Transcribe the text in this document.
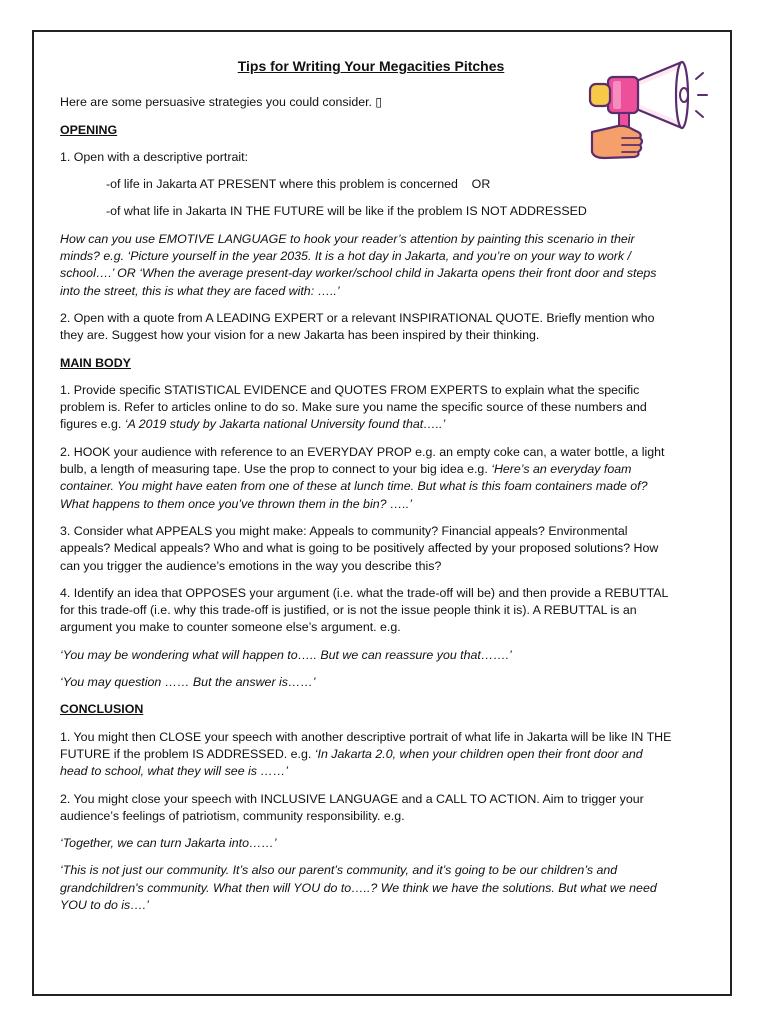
Tips for Writing Your Megacities Pitches

Here are some persuasive strategies you could consider. ▯

OPENING

1. Open with a descriptive portrait:

-of life in Jakarta AT PRESENT where this problem is concerned    OR

-of what life in Jakarta IN THE FUTURE will be like if the problem IS NOT ADDRESSED

How can you use EMOTIVE LANGUAGE to hook your reader’s attention by painting this scenario in their minds? e.g. ‘Picture yourself in the year 2035. It is a hot day in Jakarta, and you’re on your way to work / school….’ OR ‘When the average present-day worker/school child in Jakarta opens their front door and steps into the street, this is what they are faced with: …..’

2. Open with a quote from A LEADING EXPERT or a relevant INSPIRATIONAL QUOTE. Briefly mention who they are. Suggest how your vision for a new Jakarta has been inspired by their thinking.

MAIN BODY

1. Provide specific STATISTICAL EVIDENCE and QUOTES FROM EXPERTS to explain what the specific problem is. Refer to articles online to do so. Make sure you name the specific source of these numbers and figures e.g. ‘A 2019 study by Jakarta national University found that…..’

2. HOOK your audience with reference to an EVERYDAY PROP e.g. an empty coke can, a water bottle, a light bulb, a length of measuring tape. Use the prop to connect to your big idea e.g. ‘Here’s an everyday foam container. You might have eaten from one of these at lunch time. But what is this foam containers made of? What happens to them once you’ve thrown them in the bin? …..’

3. Consider what APPEALS you might make: Appeals to community? Financial appeals? Environmental appeals? Medical appeals? Who and what is going to be positively affected by your proposed solutions? How can you trigger the audience’s emotions in the way you describe this?

4. Identify an idea that OPPOSES your argument (i.e. what the trade-off will be) and then provide a REBUTTAL for this trade-off (i.e. why this trade-off is justified, or is not the issue people think it is). A REBUTTAL is an argument you make to counter someone else’s argument. e.g.

‘You may be wondering what will happen to….. But we can reassure you that…….’

‘You may question …… But the answer is……’

CONCLUSION

1. You might then CLOSE your speech with another descriptive portrait of what life in Jakarta will be like IN THE FUTURE if the problem IS ADDRESSED. e.g. ‘In Jakarta 2.0, when your children open their front door and head to school, what they will see is ……’

2. You might close your speech with INCLUSIVE LANGUAGE and a CALL TO ACTION. Aim to trigger your audience’s feelings of patriotism, community responsibility. e.g.

‘Together, we can turn Jakarta into……’

‘This is not just our community. It’s also our parent’s community, and it’s going to be our children’s and grandchildren's community. What then will YOU do to…..? We think we have the solutions. But what we need YOU to do is….’
